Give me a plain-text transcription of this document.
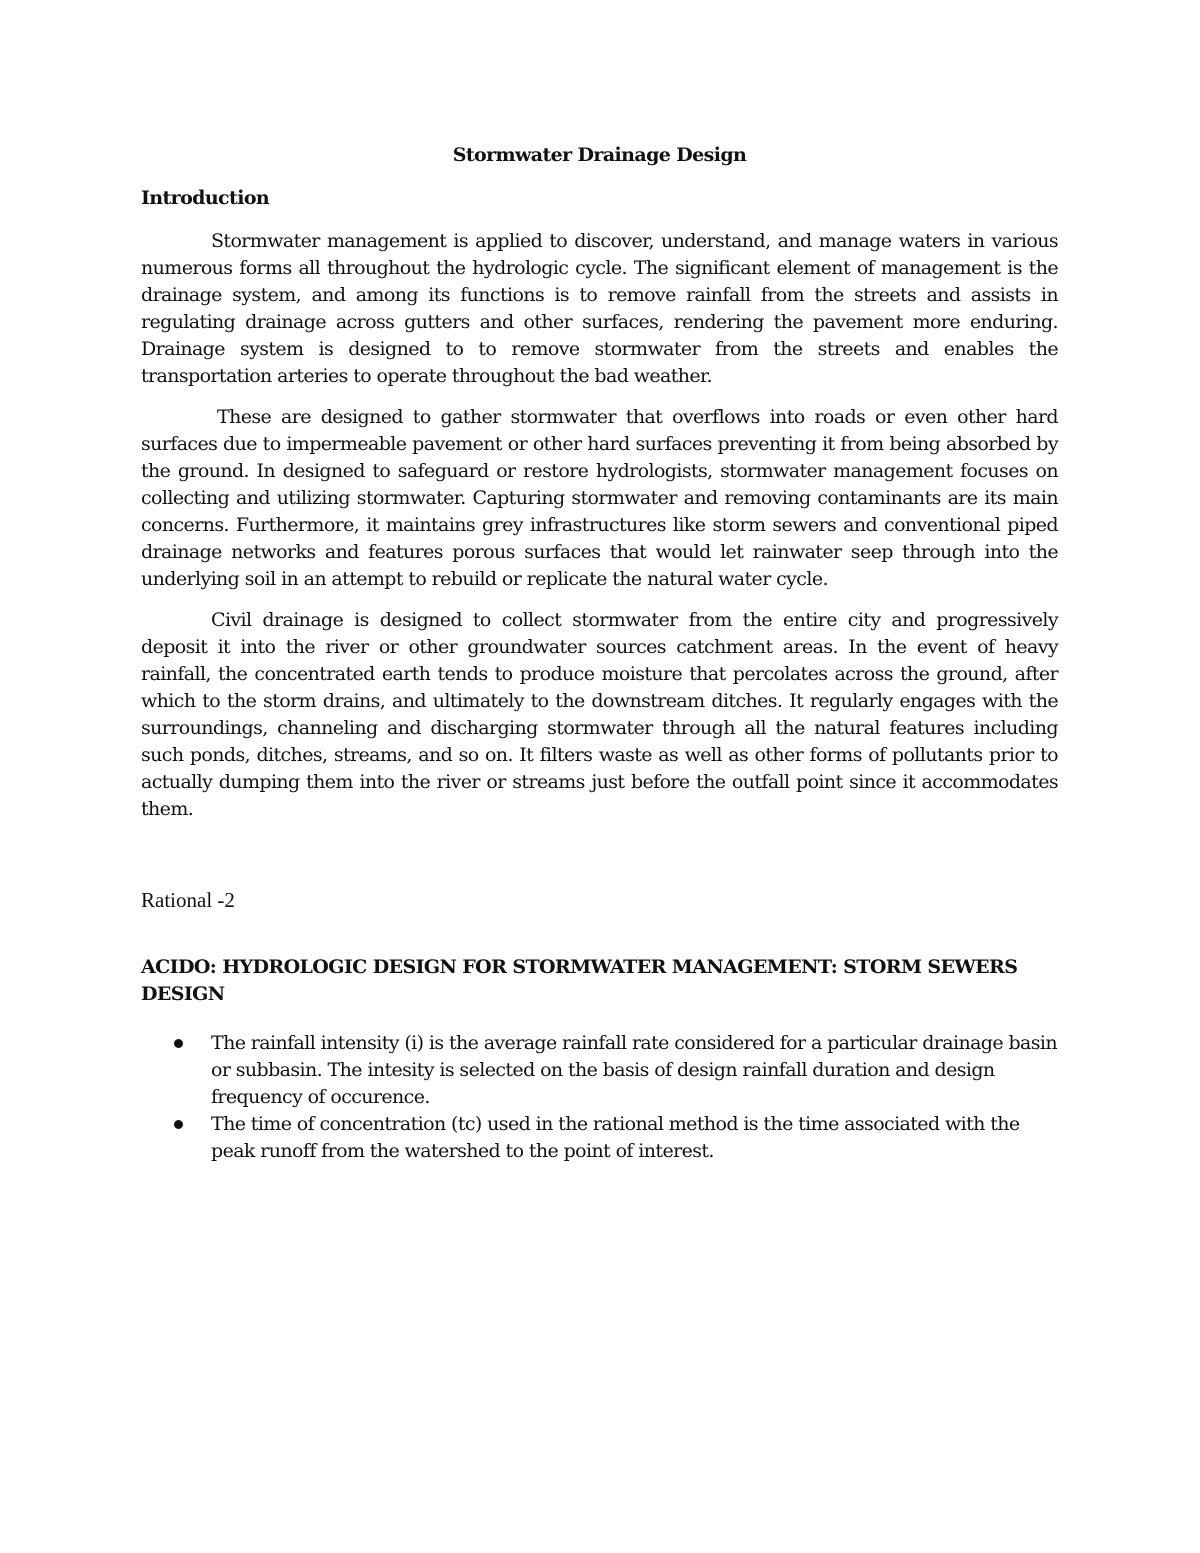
Stormwater Drainage Design
Introduction

Stormwater management is applied to discover, understand, and manage waters in various numerous forms all throughout the hydrologic cycle. The significant element of management is the drainage system, and among its functions is to remove rainfall from the streets and assists in regulating drainage across gutters and other surfaces, rendering the pavement more enduring. Drainage system is designed to to remove stormwater from the streets and enables the transportation arteries to operate throughout the bad weather.

These are designed to gather stormwater that overflows into roads or even other hard surfaces due to impermeable pavement or other hard surfaces preventing it from being absorbed by the ground. In designed to safeguard or restore hydrologists, stormwater management focuses on collecting and utilizing stormwater. Capturing stormwater and removing contaminants are its main concerns. Furthermore, it maintains grey infrastructures like storm sewers and conventional piped drainage networks and features porous surfaces that would let rainwater seep through into the underlying soil in an attempt to rebuild or replicate the natural water cycle.

Civil drainage is designed to collect stormwater from the entire city and progressively deposit it into the river or other groundwater sources catchment areas. In the event of heavy rainfall, the concentrated earth tends to produce moisture that percolates across the ground, after which to the storm drains, and ultimately to the downstream ditches. It regularly engages with the surroundings, channeling and discharging stormwater through all the natural features including such ponds, ditches, streams, and so on. It filters waste as well as other forms of pollutants prior to actually dumping them into the river or streams just before the outfall point since it accommodates them.

Rational -2
ACIDO: HYDROLOGIC DESIGN FOR STORMWATER MANAGEMENT: STORM SEWERS DESIGN
The rainfall intensity (i) is the average rainfall rate considered for a particular drainage basin or subbasin. The intesity is selected on the basis of design rainfall duration and design frequency of occurence.
The time of concentration (tc) used in the rational method is the time associated with the peak runoff from the watershed to the point of interest.
